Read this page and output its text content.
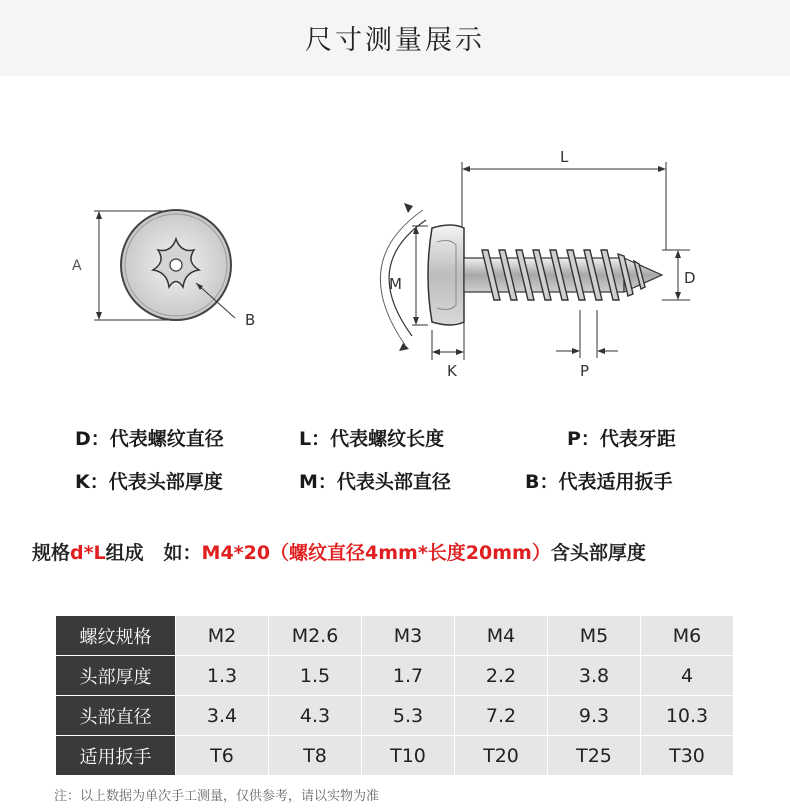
尺寸测量展示
A
B
L
M	D
K	P
D：代表螺纹直径	L：代表螺纹长度	P：代表牙距
K：代表头部厚度	M：代表头部直径	B：代表适用扳手
规格d*L组成   如：M4*20（螺纹直径4mm*长度20mm）含头部厚度
螺纹规格	M2	M2.6	M3	M4	M5	M6
头部厚度	1.3	1.5	1.7	2.2	3.8	4
头部直径	3.4	4.3	5.3	7.2	9.3	10.3
适用扳手	T6	T8	T10	T20	T25	T30
注：以上数据为单次手工测量，仅供参考，请以实物为准
